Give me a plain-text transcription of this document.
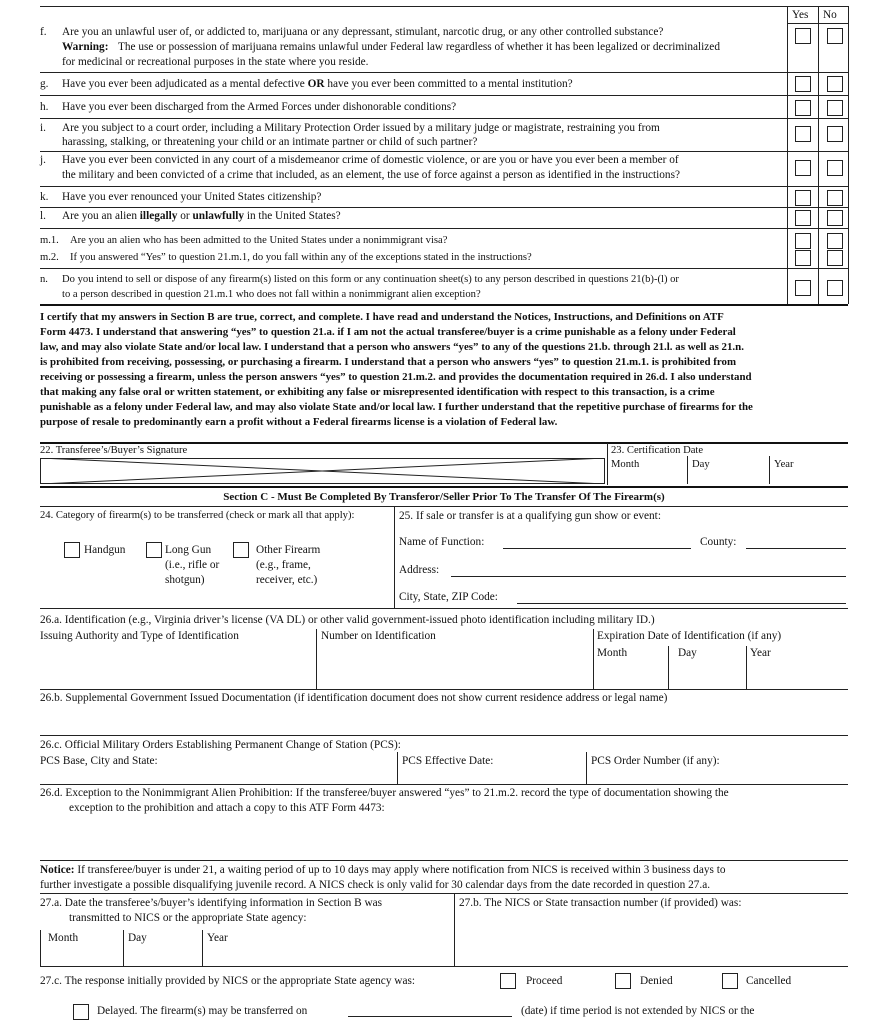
Yes No
f. Are you an unlawful user of, or addicted to, marijuana or any depressant, stimulant, narcotic drug, or any other controlled substance?
Warning: The use or possession of marijuana remains unlawful under Federal law regardless of whether it has been legalized or decriminalized
for medicinal or recreational purposes in the state where you reside.
g. Have you ever been adjudicated as a mental defective OR have you ever been committed to a mental institution?
h. Have you ever been discharged from the Armed Forces under dishonorable conditions?
i. Are you subject to a court order, including a Military Protection Order issued by a military judge or magistrate, restraining you from
harassing, stalking, or threatening your child or an intimate partner or child of such partner?
j. Have you ever been convicted in any court of a misdemeanor crime of domestic violence, or are you or have you ever been a member of
the military and been convicted of a crime that included, as an element, the use of force against a person as identified in the instructions?
k. Have you ever renounced your United States citizenship?
l. Are you an alien illegally or unlawfully in the United States?
m.1. Are you an alien who has been admitted to the United States under a nonimmigrant visa?
m.2. If you answered “Yes” to question 21.m.1, do you fall within any of the exceptions stated in the instructions?
n. Do you intend to sell or dispose of any firearm(s) listed on this form or any continuation sheet(s) to any person described in questions 21(b)-(l) or
to a person described in question 21.m.1 who does not fall within a nonimmigrant alien exception?
I certify that my answers in Section B are true, correct, and complete. I have read and understand the Notices, Instructions, and Definitions on ATF
Form 4473. I understand that answering “yes” to question 21.a. if I am not the actual transferee/buyer is a crime punishable as a felony under Federal
law, and may also violate State and/or local law. I understand that a person who answers “yes” to any of the questions 21.b. through 21.l. as well as 21.n.
is prohibited from receiving, possessing, or purchasing a firearm. I understand that a person who answers “yes” to question 21.m.1. is prohibited from
receiving or possessing a firearm, unless the person answers “yes” to question 21.m.2. and provides the documentation required in 26.d. I also understand
that making any false oral or written statement, or exhibiting any false or misrepresented identification with respect to this transaction, is a crime
punishable as a felony under Federal law, and may also violate State and/or local law. I further understand that the repetitive purchase of firearms for the
purpose of resale to predominantly earn a profit without a Federal firearms license is a violation of Federal law.
22. Transferee’s/Buyer’s Signature	23. Certification Date
Month	Day	Year
Section C - Must Be Completed By Transferor/Seller Prior To The Transfer Of The Firearm(s)
24. Category of firearm(s) to be transferred (check or mark all that apply):
Handgun	Long Gun
(i.e., rifle or
shotgun)
Other Firearm
(e.g., frame,
receiver, etc.)
25. If sale or transfer is at a qualifying gun show or event:
Name of Function:	County:
Address:
City, State, ZIP Code:
26.a. Identification (e.g., Virginia driver’s license (VA DL) or other valid government-issued photo identification including military ID.)
Issuing Authority and Type of Identification	Number on Identification	Expiration Date of Identification (if any)
Month	Day	Year
26.b. Supplemental Government Issued Documentation (if identification document does not show current residence address or legal name)
26.c. Official Military Orders Establishing Permanent Change of Station (PCS):
PCS Base, City and State:	PCS Effective Date:	PCS Order Number (if any):
26.d. Exception to the Nonimmigrant Alien Prohibition: If the transferee/buyer answered “yes” to 21.m.2. record the type of documentation showing the
exception to the prohibition and attach a copy to this ATF Form 4473:
Notice: If transferee/buyer is under 21, a waiting period of up to 10 days may apply where notification from NICS is received within 3 business days to
further investigate a possible disqualifying juvenile record. A NICS check is only valid for 30 calendar days from the date recorded in question 27.a.
27.a. Date the transferee’s/buyer’s identifying information in Section B was
transmitted to NICS or the appropriate State agency:
27.b. The NICS or State transaction number (if provided) was:
Month	Day	Year
27.c. The response initially provided by NICS or the appropriate State agency was:	Proceed	Denied	Cancelled
Delayed. The firearm(s) may be transferred on	(date) if time period is not extended by NICS or the
